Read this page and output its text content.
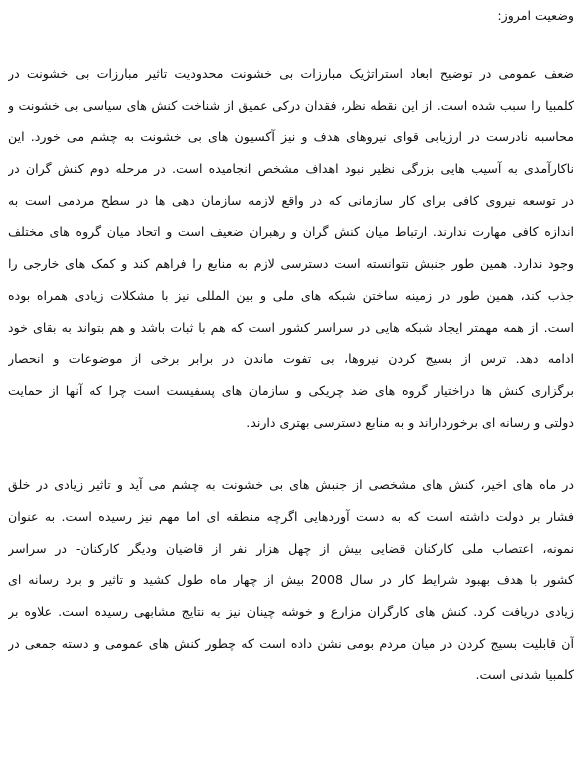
وضعیت امروز:
ضعف عمومی در توضیح ابعاد استراتژیک مبارزات بی خشونت محدودیت تاثیر مبارزات بی خشونت در
کلمبیا را سبب شده است. از این نقطه نظر، فقدان درکی عمیق از شناخت کنش های سیاسی بی خشونت و
محاسبه نادرست در ارزیابی قوای نیروهای هدف و نیز آکسیون های بی خشونت به چشم می خورد. این
ناکارآمدی به آسیب هایی بزرگی نظیر نبود اهداف مشخص انجامیده است. در مرحله دوم کنش گران در
در توسعه نیروی کافی برای کار سازمانی که در واقع لازمه سازمان دهی ها در سطح مردمی است به
اندازه کافی مهارت ندارند. ارتباط میان کنش گران و رهبران ضعیف است و اتحاد میان گروه های مختلف
وجود ندارد. همین طور جنبش نتوانسته است دسترسی لازم به منابع را فراهم کند و کمک های خارجی را
جذب کند، همین طور در زمینه ساختن شبکه های ملی و بین المللی نیز با مشکلات زیادی همراه بوده
است. از همه مهمتر ایجاد شبکه هایی در سراسر کشور است که هم با ثبات باشد و هم بتواند به بقای خود
ادامه دهد. ترس از بسیج کردن نیروها، بی تفوت ماندن در برابر برخی از موضوعات و انحصار
برگزاری کنش ها دراختیار گروه های ضد چریکی و سازمان های پسفیست است چرا که آنها از حمایت
دولتی و رسانه ای برخورداراند و به منابع دسترسی بهتری دارند.
در ماه های اخیر، کنش های مشخصی از جنبش های بی خشونت به چشم می آید و تاثیر زیادی در خلق
فشار بر دولت داشته است که به دست آوردهایی اگرچه منطقه ای اما مهم نیز رسیده است. به عنوان
نمونه، اعتصاب ملی کارکنان قضایی بیش از چهل هزار نفر از قاضیان ودیگر کارکنان- در سراسر
کشور با هدف بهبود شرایط کار در سال 2008 بیش از چهار ماه طول کشید و تاثیر و برد رسانه ای
زیادی دریافت کرد. کنش های کارگران مزارع و خوشه چینان نیز به نتایج مشابهی رسیده است. علاوه بر
آن قابلیت بسیج کردن در میان مردم بومی نشن داده است که چطور کنش های عمومی و دسته جمعی در
کلمبیا شدنی است.
